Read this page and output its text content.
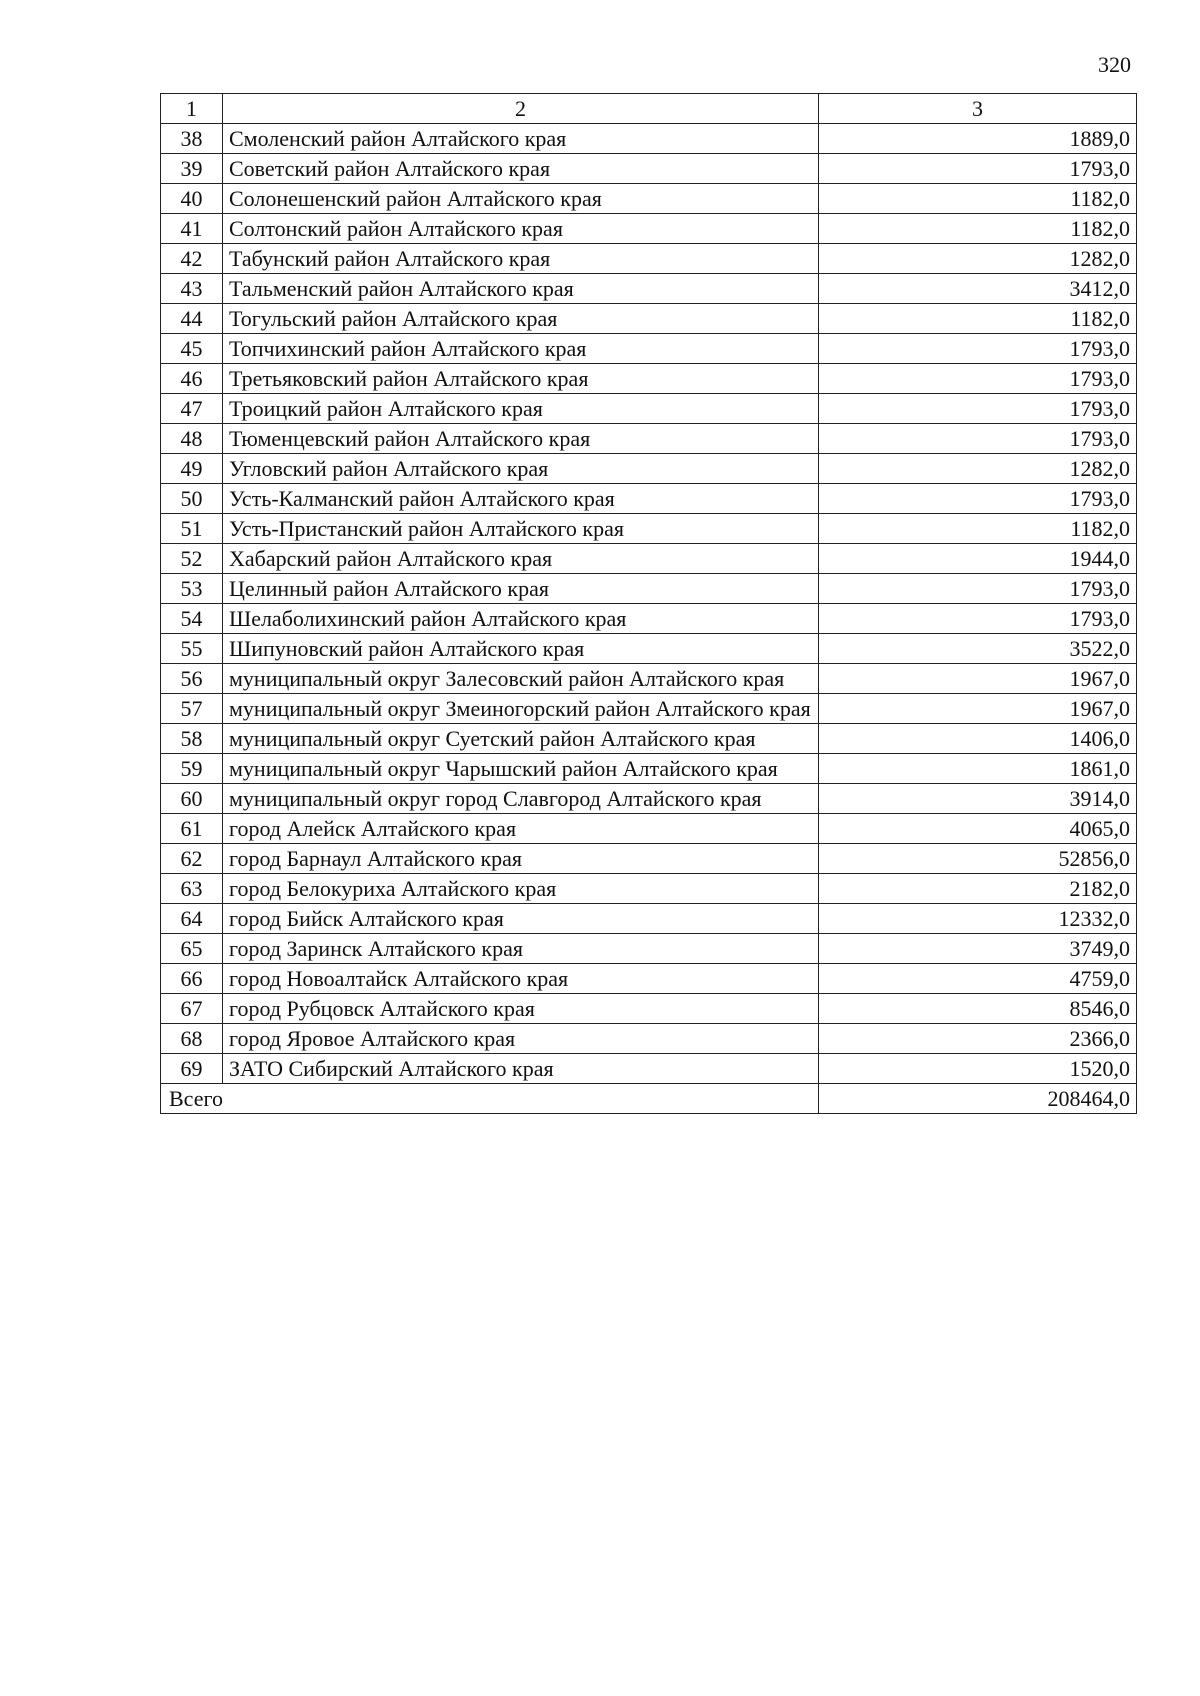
320
1	2	3
38	Смоленский район Алтайского края	1889,0
39	Советский район Алтайского края	1793,0
40	Солонешенский район Алтайского края	1182,0
41	Солтонский район Алтайского края	1182,0
42	Табунский район Алтайского края	1282,0
43	Тальменский район Алтайского края	3412,0
44	Тогульский район Алтайского края	1182,0
45	Топчихинский район Алтайского края	1793,0
46	Третьяковский район Алтайского края	1793,0
47	Троицкий район Алтайского края	1793,0
48	Тюменцевский район Алтайского края	1793,0
49	Угловский район Алтайского края	1282,0
50	Усть-Калманский район Алтайского края	1793,0
51	Усть-Пристанский район Алтайского края	1182,0
52	Хабарский район Алтайского края	1944,0
53	Целинный район Алтайского края	1793,0
54	Шелаболихинский район Алтайского края	1793,0
55	Шипуновский район Алтайского края	3522,0
56	муниципальный округ Залесовский район Алтайского края	1967,0
57	муниципальный округ Змеиногорский район Алтайского края	1967,0
58	муниципальный округ Суетский район Алтайского края	1406,0
59	муниципальный округ Чарышский район Алтайского края	1861,0
60	муниципальный округ город Славгород Алтайского края	3914,0
61	город Алейск Алтайского края	4065,0
62	город Барнаул Алтайского края	52856,0
63	город Белокуриха Алтайского края	2182,0
64	город Бийск Алтайского края	12332,0
65	город Заринск Алтайского края	3749,0
66	город Новоалтайск Алтайского края	4759,0
67	город Рубцовск Алтайского края	8546,0
68	город Яровое Алтайского края	2366,0
69	ЗАТО Сибирский Алтайского края	1520,0
Всего		208464,0
